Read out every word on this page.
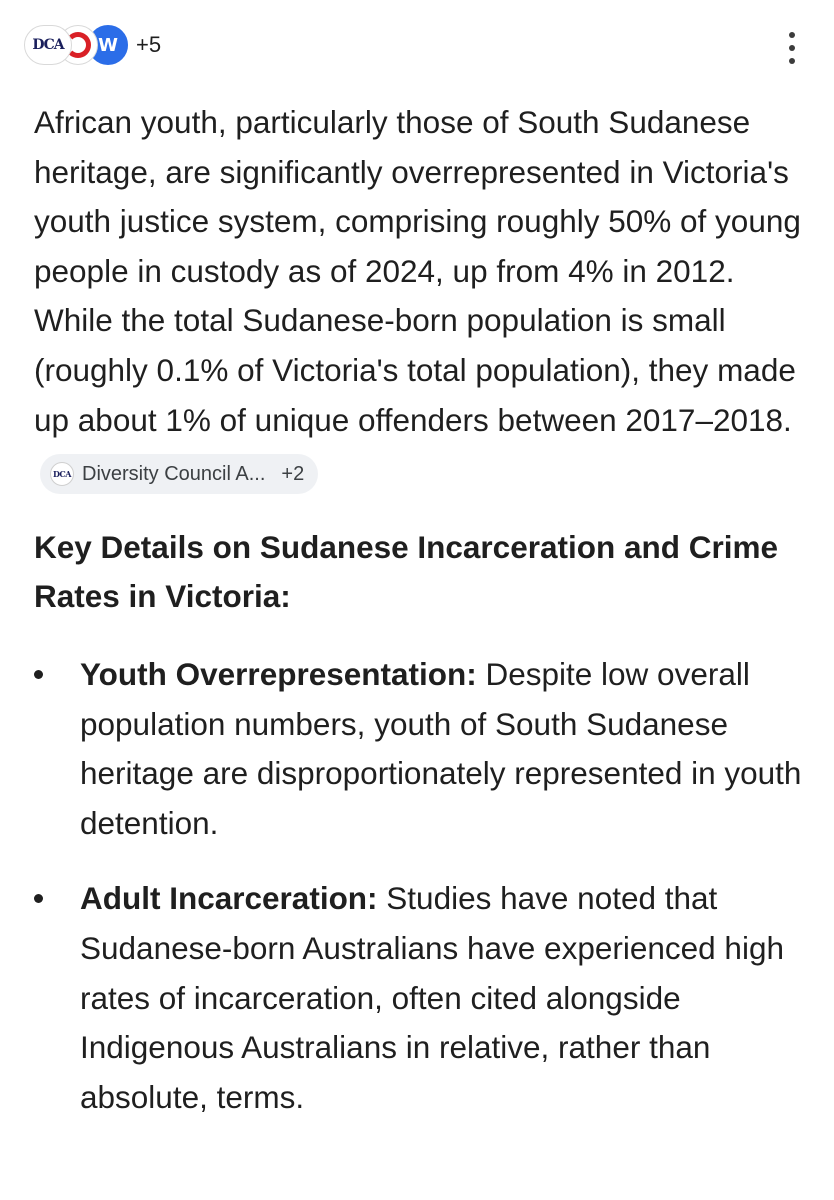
DCA W +5

African youth, particularly those of South Sudanese heritage, are significantly overrepresented in Victoria's youth justice system, comprising roughly 50% of young people in custody as of 2024, up from 4% in 2012. While the total Sudanese-born population is small (roughly 0.1% of Victoria's total population), they made up about 1% of unique offenders between 2017–2018.
DCA Diversity Council A... +2

Key Details on Sudanese Incarceration and Crime Rates in Victoria:
Youth Overrepresentation: Despite low overall population numbers, youth of South Sudanese heritage are disproportionately represented in youth detention.
Adult Incarceration: Studies have noted that Sudanese-born Australians have experienced high rates of incarceration, often cited alongside Indigenous Australians in relative, rather than absolute, terms.
